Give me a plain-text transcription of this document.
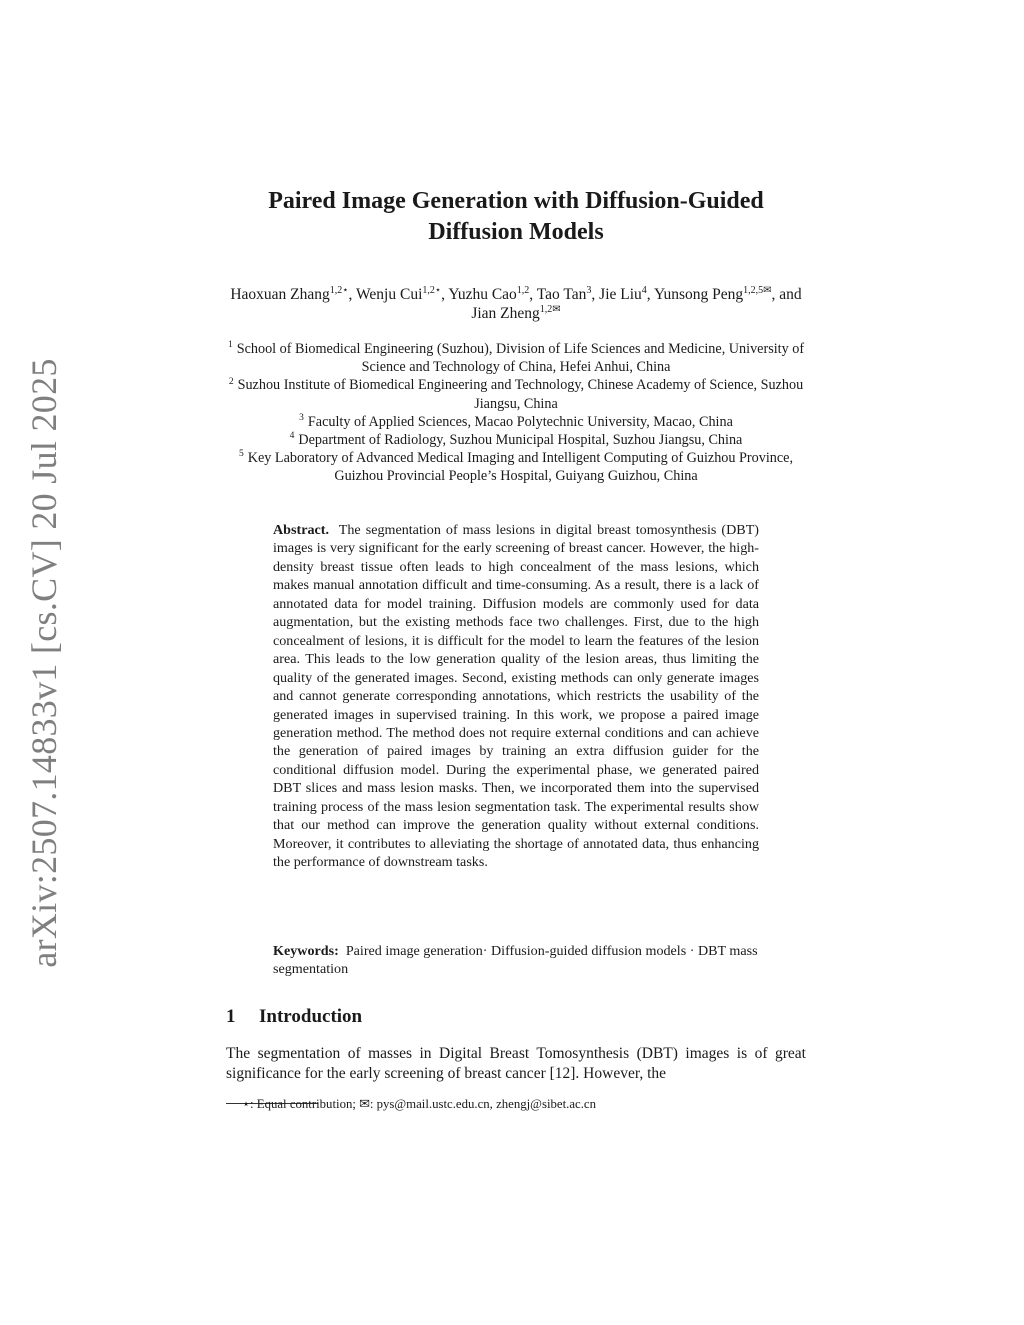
arXiv:2507.14833v1 [cs.CV] 20 Jul 2025
Paired Image Generation with Diffusion-Guided
Diffusion Models
Haoxuan Zhang$^{1,2⋆}$, Wenju Cui$^{1,2⋆}$, Yuzhu Cao$^{1,2}$, Tao Tan$^3$, Jie Liu$^4$, Yunsong Peng$^{1,2,5✉}$, and Jian Zheng$^{1,2✉}$
$^1$ School of Biomedical Engineering (Suzhou), Division of Life Sciences and Medicine, University of Science and Technology of China, Hefei Anhui, China
$^2$ Suzhou Institute of Biomedical Engineering and Technology, Chinese Academy of Science, Suzhou Jiangsu, China
$^3$ Faculty of Applied Sciences, Macao Polytechnic University, Macao, China
$^4$ Department of Radiology, Suzhou Municipal Hospital, Suzhou Jiangsu, China
$^5$ Key Laboratory of Advanced Medical Imaging and Intelligent Computing of Guizhou Province, Guizhou Provincial People’s Hospital, Guiyang Guizhou, China
Abstract. The segmentation of mass lesions in digital breast tomosynthesis (DBT) images is very significant for the early screening of breast cancer. However, the high-density breast tissue often leads to high concealment of the mass lesions, which makes manual annotation difficult and time-consuming. As a result, there is a lack of annotated data for model training. Diffusion models are commonly used for data augmentation, but the existing methods face two challenges. First, due to the high concealment of lesions, it is difficult for the model to learn the features of the lesion area. This leads to the low generation quality of the lesion areas, thus limiting the quality of the generated images. Second, existing methods can only generate images and cannot generate corresponding annotations, which restricts the usability of the generated images in supervised training. In this work, we propose a paired image generation method. The method does not require external conditions and can achieve the generation of paired images by training an extra diffusion guider for the conditional diffusion model. During the experimental phase, we generated paired DBT slices and mass lesion masks. Then, we incorporated them into the supervised training process of the mass lesion segmentation task. The experimental results show that our method can improve the generation quality without external conditions. Moreover, it contributes to alleviating the shortage of annotated data, thus enhancing the performance of downstream tasks.
Keywords: Paired image generation· Diffusion-guided diffusion models · DBT mass segmentation
1 Introduction
The segmentation of masses in Digital Breast Tomosynthesis (DBT) images is of great significance for the early screening of breast cancer [12]. However, the
⋆: Equal contribution; ✉: pys@mail.ustc.edu.cn, zhengj@sibet.ac.cn
